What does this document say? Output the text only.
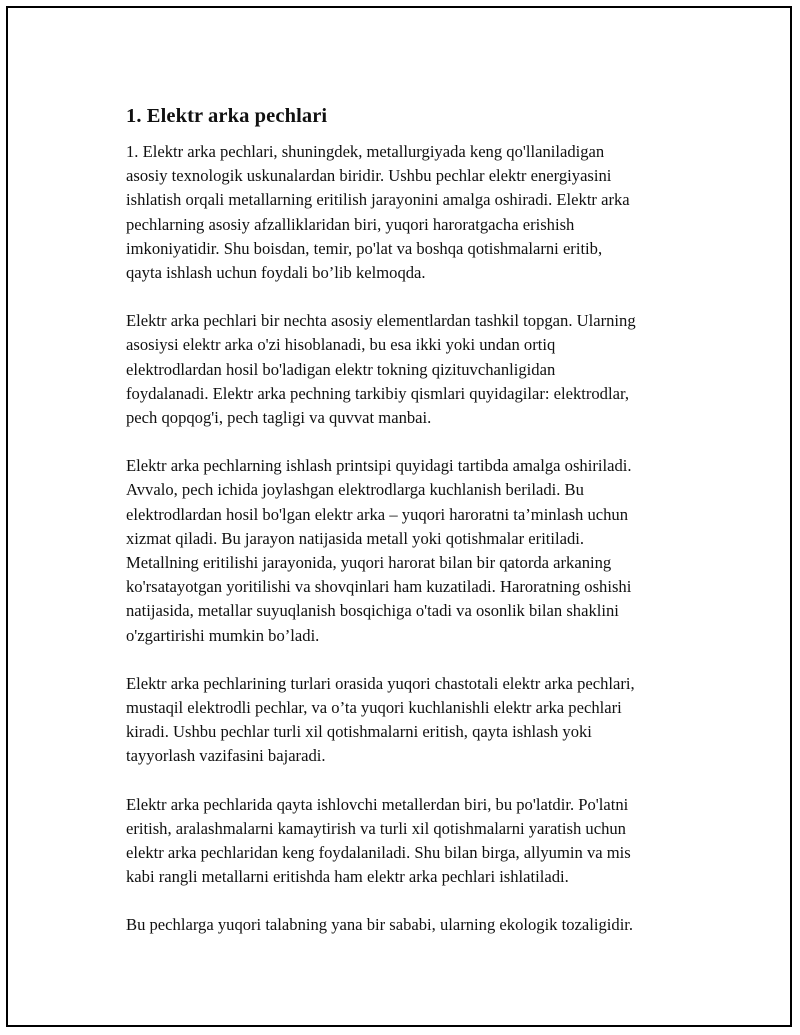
1. Elektr arka pechlari

1. Elektr arka pechlari, shuningdek, metallurgiyada keng qo'llaniladigan
asosiy texnologik uskunalardan biridir. Ushbu pechlar elektr energiyasini
ishlatish orqali metallarning eritilish jarayonini amalga oshiradi. Elektr arka
pechlarning asosiy afzalliklaridan biri, yuqori haroratgacha erishish
imkoniyatidir. Shu boisdan, temir, po'lat va boshqa qotishmalarni eritib,
qayta ishlash uchun foydali bo’lib kelmoqda.

Elektr arka pechlari bir nechta asosiy elementlardan tashkil topgan. Ularning
asosiysi elektr arka o'zi hisoblanadi, bu esa ikki yoki undan ortiq
elektrodlardan hosil bo'ladigan elektr tokning qizituvchanligidan
foydalanadi. Elektr arka pechning tarkibiy qismlari quyidagilar: elektrodlar,
pech qopqog'i, pech tagligi va quvvat manbai.

Elektr arka pechlarning ishlash printsipi quyidagi tartibda amalga oshiriladi.
Avvalo, pech ichida joylashgan elektrodlarga kuchlanish beriladi. Bu
elektrodlardan hosil bo'lgan elektr arka – yuqori haroratni ta’minlash uchun
xizmat qiladi. Bu jarayon natijasida metall yoki qotishmalar eritiladi.
Metallning eritilishi jarayonida, yuqori harorat bilan bir qatorda arkaning
ko'rsatayotgan yoritilishi va shovqinlari ham kuzatiladi. Haroratning oshishi
natijasida, metallar suyuqlanish bosqichiga o'tadi va osonlik bilan shaklini
o'zgartirishi mumkin bo’ladi.

Elektr arka pechlarining turlari orasida yuqori chastotali elektr arka pechlari,
mustaqil elektrodli pechlar, va o’ta yuqori kuchlanishli elektr arka pechlari
kiradi. Ushbu pechlar turli xil qotishmalarni eritish, qayta ishlash yoki
tayyorlash vazifasini bajaradi.

Elektr arka pechlarida qayta ishlovchi metallerdan biri, bu po'latdir. Po'latni
eritish, aralashmalarni kamaytirish va turli xil qotishmalarni yaratish uchun
elektr arka pechlaridan keng foydalaniladi. Shu bilan birga, allyumin va mis
kabi rangli metallarni eritishda ham elektr arka pechlari ishlatiladi.

Bu pechlarga yuqori talabning yana bir sababi, ularning ekologik tozaligidir.
